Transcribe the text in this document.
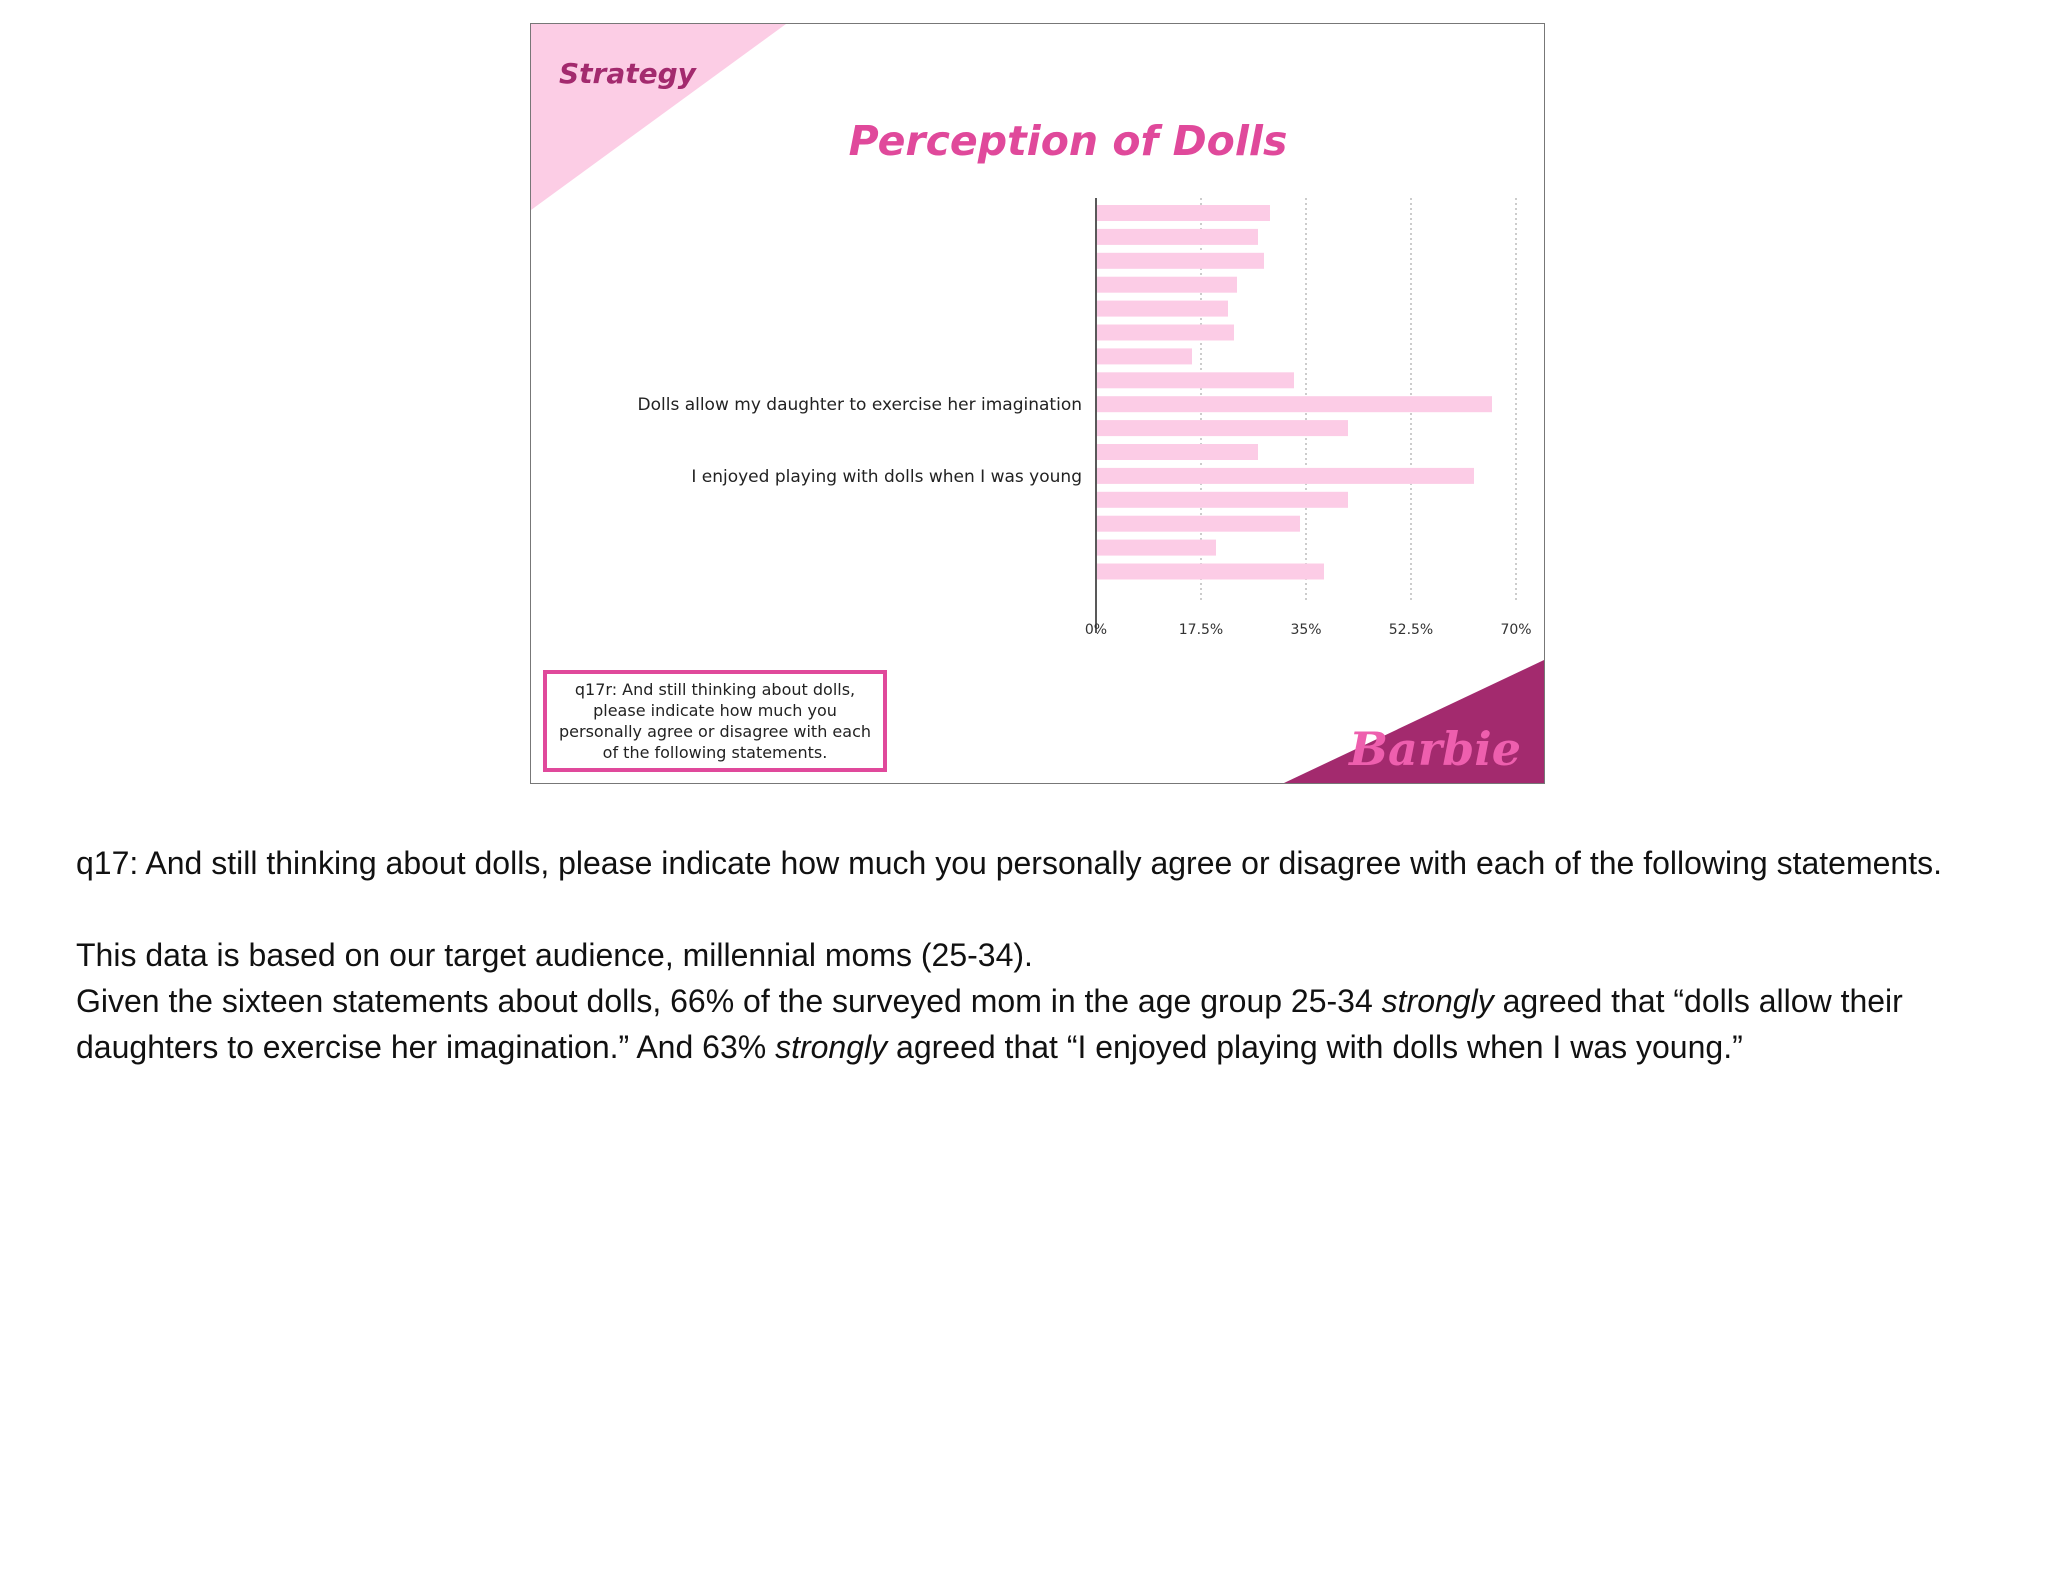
Strategy
Perception of Dolls
Dolls allow my daughter to exercise her imagination
I enjoyed playing with dolls when I was young
0%	17.5%	35%	52.5%	70%
Barbie
q17r: And still thinking about dolls, please indicate how much you personally agree or disagree with each of the following statements.

q17: And still thinking about dolls, please indicate how much you personally agree or disagree with each of the following statements.

This data is based on our target audience, millennial moms (25-34).

Given the sixteen statements about dolls, 66% of the surveyed mom in the age group 25-34 strongly agreed that “dolls allow their daughters to exercise her imagination.” And 63% strongly agreed that “I enjoyed playing with dolls when I was young.”
